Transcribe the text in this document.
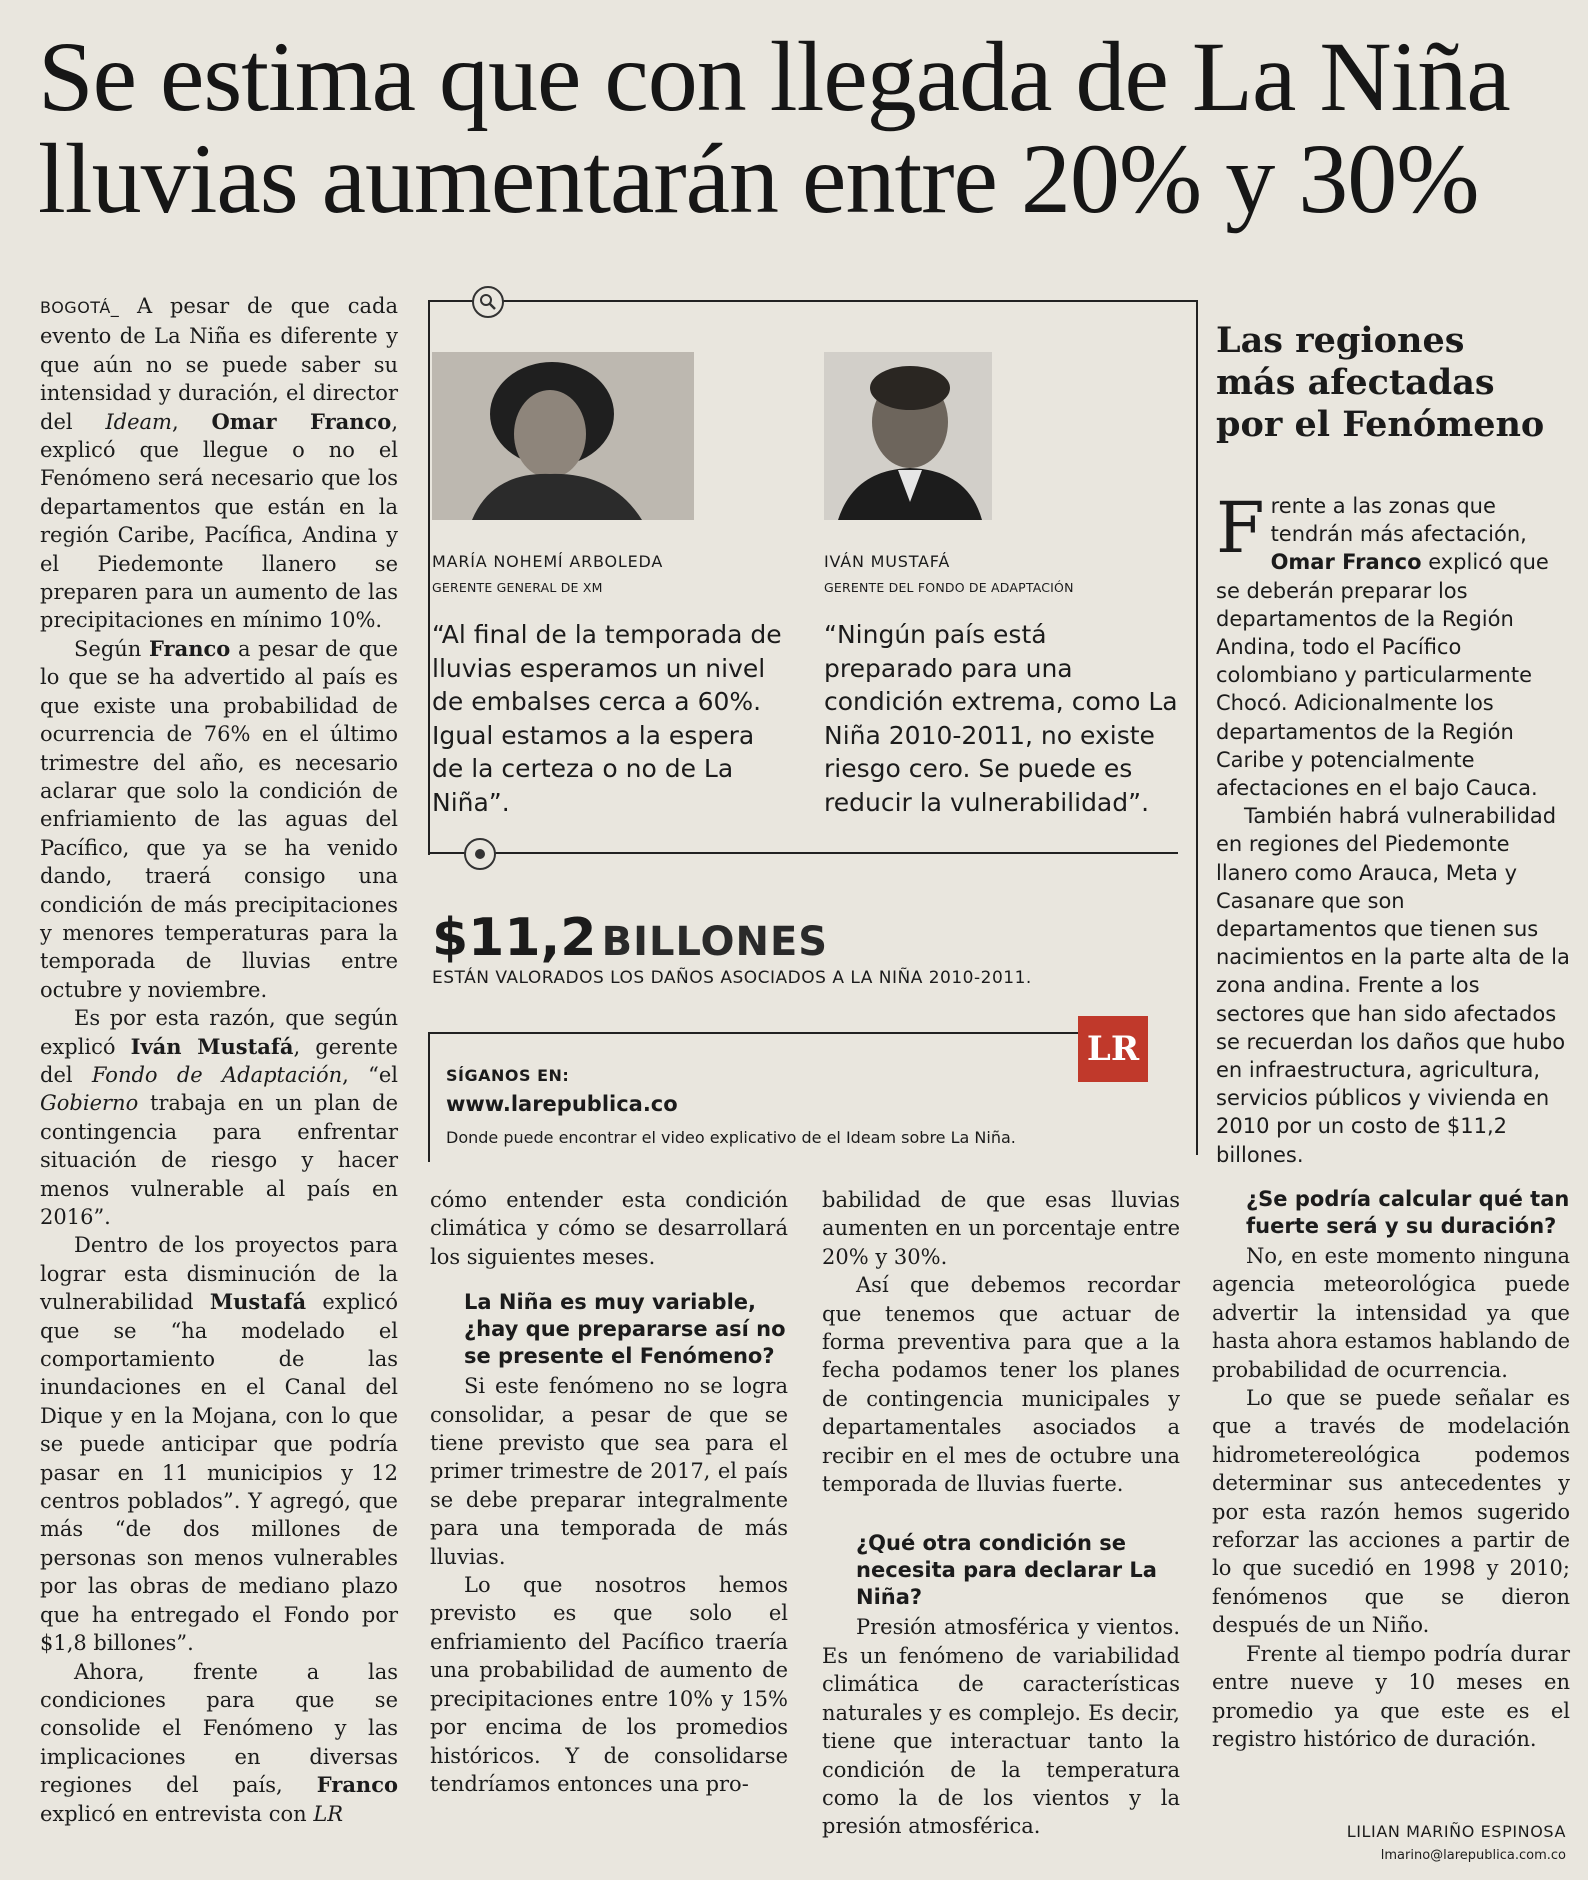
Se estima que con llegada de La Niña
lluvias aumentarán entre 20% y 30%

BOGOTÁ_ A pesar de que cada evento de La Niña es diferente y que aún no se puede saber su intensidad y duración, el director del Ideam, Omar Franco, explicó que llegue o no el Fenómeno será necesario que los departamentos que están en la región Caribe, Pacífica, Andina y el Piedemonte llanero se preparen para un aumento de las precipitaciones en mínimo 10%.

Según Franco a pesar de que lo que se ha advertido al país es que existe una probabilidad de ocurrencia de 76% en el último trimestre del año, es necesario aclarar que solo la condición de enfriamiento de las aguas del Pacífico, que ya se ha venido dando, traerá consigo una condición de más precipitaciones y menores temperaturas para la temporada de lluvias entre octubre y noviembre.

Es por esta razón, que según explicó Iván Mustafá, gerente del Fondo de Adaptación, “el Gobierno trabaja en un plan de contingencia para enfrentar situación de riesgo y hacer menos vulnerable al país en 2016”.

Dentro de los proyectos para lograr esta disminución de la vulnerabilidad Mustafá explicó que se “ha modelado el comportamiento de las inundaciones en el Canal del Dique y en la Mojana, con lo que se puede anticipar que podría pasar en 11 municipios y 12 centros poblados”. Y agregó, que más “de dos millones de personas son menos vulnerables por las obras de mediano plazo que ha entregado el Fondo por $1,8 billones”.

Ahora, frente a las condiciones para que se consolide el Fenómeno y las implicaciones en diversas regiones del país, Franco explicó en entrevista con LR

MARÍA NOHEMÍ ARBOLEDA
GERENTE GENERAL DE XM
“Al final de la temporada de lluvias esperamos un nivel de embalses cerca a 60%. Igual estamos a la espera de la certeza o no de La Niña”.
IVÁN MUSTAFÁ
GERENTE DEL FONDO DE ADAPTACIÓN
“Ningún país está preparado para una condición extrema, como La Niña 2010-2011, no existe riesgo cero. Se puede es reducir la vulnerabilidad”.
$11,2 BILLONES
ESTÁN VALORADOS LOS DAÑOS ASOCIADOS A LA NIÑA 2010-2011.
SÍGANOS EN:
www.larepublica.co
Donde puede encontrar el video explicativo de el Ideam sobre La Niña.
LR

cómo entender esta condición climática y cómo se desarrollará los siguientes meses.

La Niña es muy variable, ¿hay que prepararse así no se presente el Fenómeno?

Si este fenómeno no se logra consolidar, a pesar de que se tiene previsto que sea para el primer trimestre de 2017, el país se debe preparar integralmente para una temporada de más lluvias.

Lo que nosotros hemos previsto es que solo el enfriamiento del Pacífico traería una probabilidad de aumento de precipitaciones entre 10% y 15% por encima de los promedios históricos. Y de consolidarse tendríamos entonces una pro-

babilidad de que esas lluvias aumenten en un porcentaje entre 20% y 30%.

Así que debemos recordar que tenemos que actuar de forma preventiva para que a la fecha podamos tener los planes de contingencia municipales y departamentales asociados a recibir en el mes de octubre una temporada de lluvias fuerte.

¿Qué otra condición se necesita para declarar La Niña?

Presión atmosférica y vientos. Es un fenómeno de variabilidad climática de características naturales y es complejo. Es decir, tiene que interactuar tanto la condición de la temperatura como la de los vientos y la presión atmosférica.

Las regiones más afectadas por el Fenómeno

Frente a las zonas que tendrán más afectación, Omar Franco explicó que se deberán preparar los departamentos de la Región Andina, todo el Pacífico colombiano y particularmente Chocó. Adicionalmente los departamentos de la Región Caribe y potencialmente afectaciones en el bajo Cauca.

También habrá vulnerabilidad en regiones del Piedemonte llanero como Arauca, Meta y Casanare que son departamentos que tienen sus nacimientos en la parte alta de la zona andina. Frente a los sectores que han sido afectados se recuerdan los daños que hubo en infraestructura, agricultura, servicios públicos y vivienda en 2010 por un costo de $11,2 billones.

¿Se podría calcular qué tan fuerte será y su duración?

No, en este momento ninguna agencia meteorológica puede advertir la intensidad ya que hasta ahora estamos hablando de probabilidad de ocurrencia.

Lo que se puede señalar es que a través de modelación hidrometereológica podemos determinar sus antecedentes y por esta razón hemos sugerido reforzar las acciones a partir de lo que sucedió en 1998 y 2010; fenómenos que se dieron después de un Niño.

Frente al tiempo podría durar entre nueve y 10 meses en promedio ya que este es el registro histórico de duración.

LILIAN MARIÑO ESPINOSA
lmarino@larepublica.com.co
